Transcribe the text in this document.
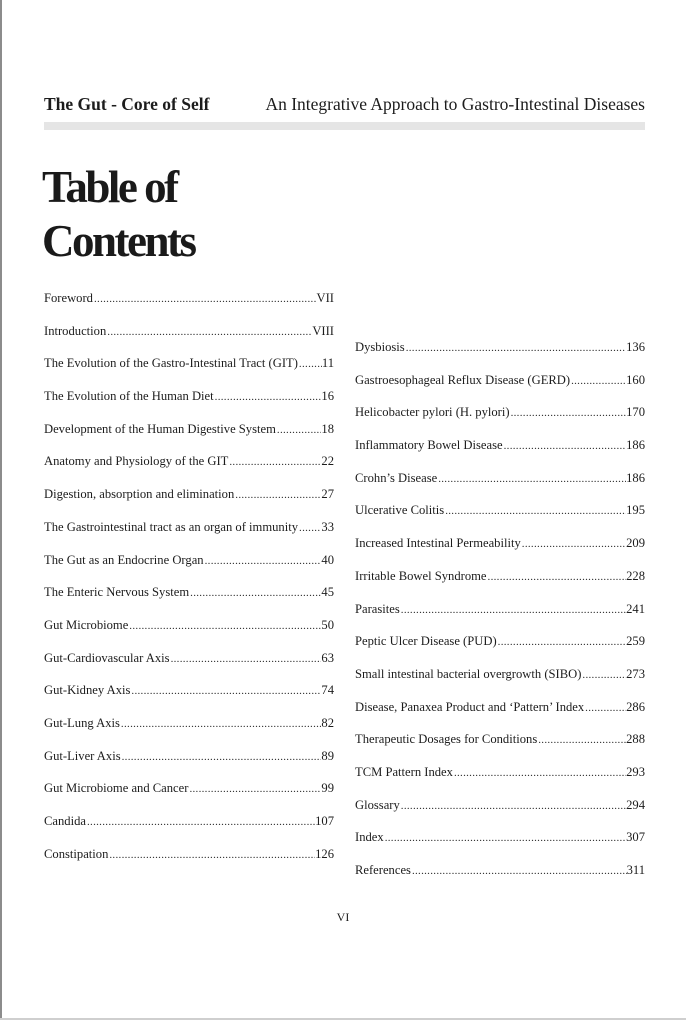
The Gut - Core of Self	An Integrative Approach to Gastro-Intestinal Diseases
Table of Contents
Foreword .....	VII
Introduction .....	VIII
The Evolution of the Gastro-Intestinal Tract (GIT) ..... 11
The Evolution of the Human Diet .....	16
Development of the Human Digestive System .....	18
Anatomy and Physiology of the GIT .....	22
Digestion, absorption and elimination .....	27
The Gastrointestinal tract as an organ of immunity ..... 33
The Gut as an Endocrine Organ .....	40
The Enteric Nervous System .....	45
Gut Microbiome .....	50
Gut-Cardiovascular Axis .....	63
Gut-Kidney Axis .....	74
Gut-Lung Axis .....	82
Gut-Liver Axis .....	89
Gut Microbiome and Cancer .....	99
Candida .....	107
Constipation .....	126
Dysbiosis .....	136
Gastroesophageal Reflux Disease (GERD) .....	160
Helicobacter pylori (H. pylori) .....	170
Inflammatory Bowel Disease .....	186
Crohn’s Disease .....	186
Ulcerative Colitis .....	195
Increased Intestinal Permeability .....	209
Irritable Bowel Syndrome .....	228
Parasites .....	241
Peptic Ulcer Disease (PUD) .....	259
Small intestinal bacterial overgrowth (SIBO) .....	273
Disease, Panaxea Product and ‘Pattern’ Index .....	286
Therapeutic Dosages for Conditions .....	288
TCM Pattern Index .....	293
Glossary .....	294
Index .....	307
References .....	311
VI
